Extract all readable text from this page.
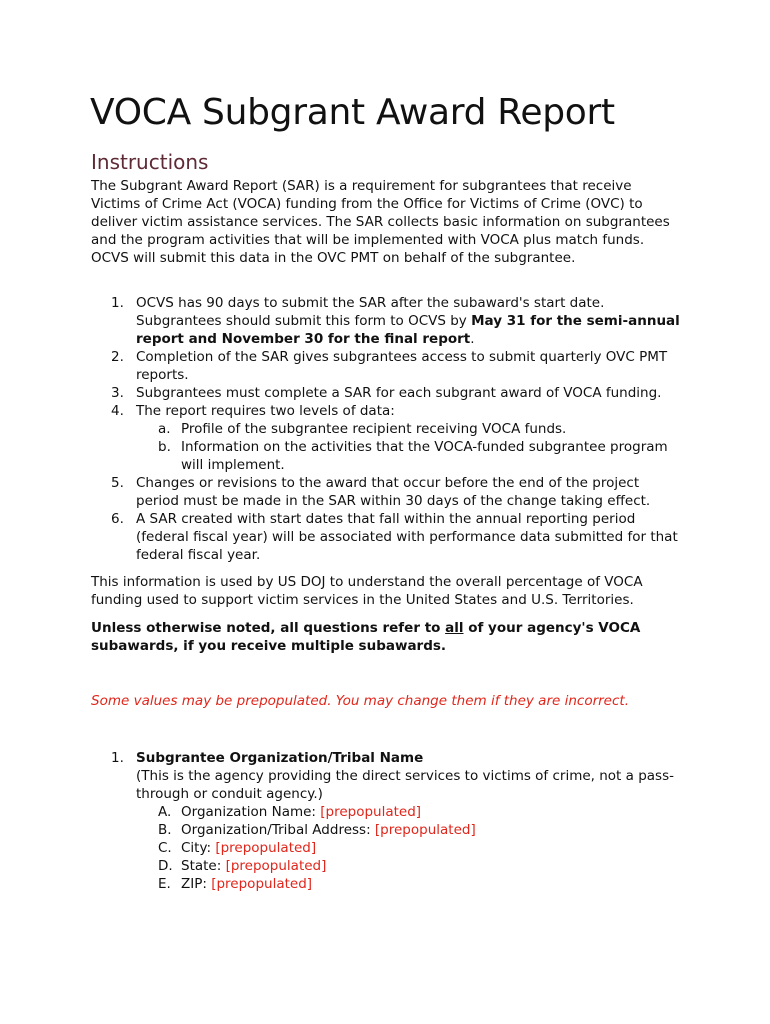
VOCA Subgrant Award Report
Instructions

The Subgrant Award Report (SAR) is a requirement for subgrantees that receive Victims of Crime Act (VOCA) funding from the Office for Victims of Crime (OVC) to deliver victim assistance services. The SAR collects basic information on subgrantees and the program activities that will be implemented with VOCA plus match funds. OCVS will submit this data in the OVC PMT on behalf of the subgrantee.

1. OCVS has 90 days to submit the SAR after the subaward's start date. Subgrantees should submit this form to OCVS by May 31 for the semi-annual report and November 30 for the final report.
2. Completion of the SAR gives subgrantees access to submit quarterly OVC PMT reports.
3. Subgrantees must complete a SAR for each subgrant award of VOCA funding.
4. The report requires two levels of data:
a. Profile of the subgrantee recipient receiving VOCA funds.
b. Information on the activities that the VOCA-funded subgrantee program will implement.
5. Changes or revisions to the award that occur before the end of the project period must be made in the SAR within 30 days of the change taking effect.
6. A SAR created with start dates that fall within the annual reporting period (federal fiscal year) will be associated with performance data submitted for that federal fiscal year.

This information is used by US DOJ to understand the overall percentage of VOCA funding used to support victim services in the United States and U.S. Territories.

Unless otherwise noted, all questions refer to all of your agency's VOCA subawards, if you receive multiple subawards.

Some values may be prepopulated. You may change them if they are incorrect.

1. Subgrantee Organization/Tribal Name
(This is the agency providing the direct services to victims of crime, not a pass-through or conduit agency.)
A. Organization Name: [prepopulated]
B. Organization/Tribal Address: [prepopulated]
C. City: [prepopulated]
D. State: [prepopulated]
E. ZIP: [prepopulated]
